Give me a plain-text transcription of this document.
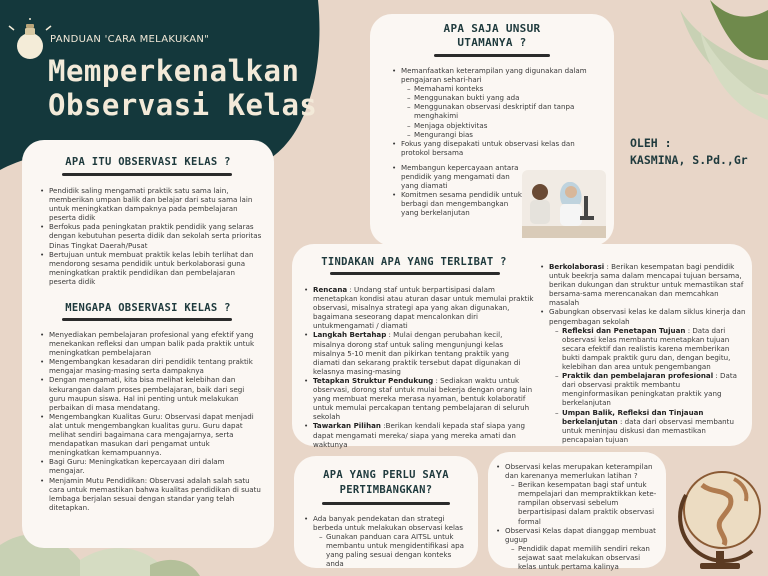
PANDUAN 'CARA MELAKUKAN"
Memperkenalkan
Observasi Kelas
APA ITU OBSERVASI KELAS ?
• Pendidik saling mengamati praktik satu sama lain, memberikan umpan balik dan belajar dari satu sama lain untuk meningkatkan dampaknya pada pembelajaran peserta didik
• Berfokus pada peningkatan praktik pendidik yang selaras dengan kebutuhan peserta didik dan sekolah serta prioritas Dinas Tingkat Daerah/Pusat
• Bertujuan untuk membuat praktik kelas lebih terlihat dan mendorong sesama pendidik untuk berkolaborasi guna meningkatkan praktik pendidikan dan pembelajaran peserta didik
MENGAPA OBSERVASI KELAS ?
• Menyediakan pembelajaran profesional yang efektif yang menekankan refleksi dan umpan balik pada praktik untuk meningkatkan pembelajaran
• Mengembangkan kesadaran diri pendidik tentang praktik mengajar masing-masing serta dampaknya
• Dengan mengamati, kita bisa melihat kelebihan dan kekurangan dalam proses pembelajaran, baik dari segi guru maupun siswa. Hal ini penting untuk melakukan perbaikan di masa mendatang.
• Mengembangkan Kualitas Guru: Observasi dapat menjadi alat untuk mengembangkan kualitas guru. Guru dapat melihat sendiri bagaimana cara mengajarnya, serta mendapatkan masukan dari pengamat untuk meningkatkan kemampuannya.
• Bagi Guru: Meningkatkan kepercayaan diri dalam mengajar.
• Menjamin Mutu Pendidikan: Observasi adalah salah satu cara untuk memastikan bahwa kualitas pendidikan di suatu lembaga berjalan sesuai dengan standar yang telah ditetapkan.
APA SAJA UNSUR
UTAMANYA ?
• Memanfaatkan keterampilan yang digunakan dalam pengajaran sehari-hari
– Memahami konteks
– Menggunakan bukti yang ada
– Menggunakan observasi deskriptif dan tanpa menghakimi
– Menjaga objektivitas
– Mengurangi bias
• Fokus yang disepakati untuk observasi kelas dan protokol bersama
• Membangun kepercayaan antara pendidik yang mengamati dan yang diamati
• Komitmen sesama pendidik untuk berbagi dan mengembangkan yang berkelanjutan
OLEH :
KASMINA, S.Pd.,Gr
TINDAKAN APA YANG TERLIBAT ?
• Rencana : Undang staf untuk berpartisipasi dalam menetapkan kondisi atau aturan dasar untuk memulai praktik observasi, misalnya strategi apa yang akan digunakan, bagaimana seseorang dapat mencalonkan diri untukmengamati / diamati
• Langkah Bertahap : Mulai dengan perubahan kecil, misalnya dorong staf untuk saling mengunjungi kelas misalnya 5-10 menit dan pikirkan tentang praktik yang diamati dan sekarang praktik tersebut dapat digunakan di kelasnya masing-masing
• Tetapkan Struktur Pendukung : Sediakan waktu untuk observasi, dorong staf untuk mulai bekerja dengan orang lain yang membuat mereka merasa nyaman, bentuk kolaboratif untuk memulai percakapan tentang pembelajaran di seluruh sekolah
• Tawarkan Pilihan :Berikan kendali kepada staf siapa yang dapat mengamati mereka/ siapa yang mereka amati dan waktunya
• Berkolaborasi : Berikan kesempatan bagi pendidik untuk beekrja sama dalam mencapai tujuan bersama, berikan dukungan dan struktur untuk memastikan staf bersama-sama merencanakan dan memcahkan masalah
• Gabungkan observasi kelas ke dalam siklus kinerja dan pengembagan sekolah
– Refleksi dan Penetapan Tujuan : Data dari observasi kelas membantu menetapkan tujuan secara efektif dan realistis karena memberikan bukti dampak praktik guru dan, dengan begitu, kelebihan dan area untuk pengembangan
– Praktik dan pembelajaran profesional : Data dari observasi praktik membantu menginformasikan peningkatan praktik yang berkelanjutan
– Umpan Balik, Refleksi dan Tinjauan berkelanjutan : data dari observasi membantu untuk meninjau diskusi dan memastikan pencapaian tujuan
APA YANG PERLU SAYA
PERTIMBANGKAN?
• Ada banyak pendekatan dan strategi berbeda untuk melakukan observasi kelas
– Gunakan panduan cara AITSL untuk membantu untuk mengidentifikasi apa yang paling sesuai dengan konteks anda
• Observasi kelas merupakan keterampilan dan karenanya memerlukan latihan ?
– Berikan kesempatan bagi staf untuk mempelajari dan mempraktikkan kete-rampilan observasi sebelum berpartisipasi dalam praktik observasi formal
• Observasi Kelas dapat dianggap membuat gugup
– Pendidik dapat memilih sendiri rekan sejawat saat melakukan observasi kelas untuk pertama kalinya
